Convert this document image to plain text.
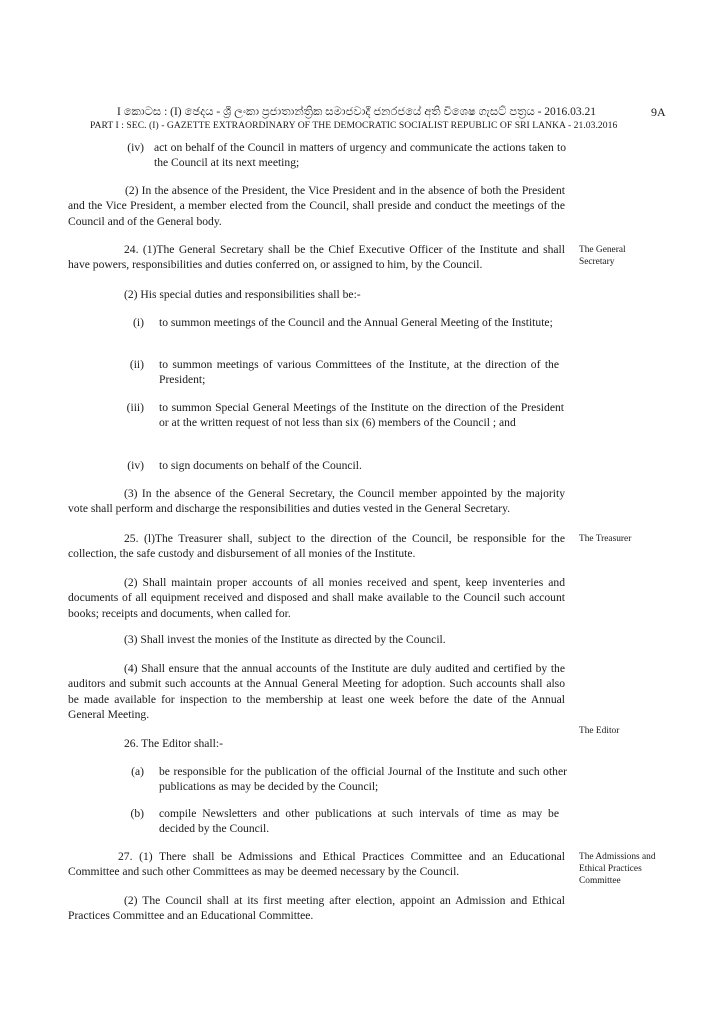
I කොටස : (I) ඡෙදය - ශ්‍රී ලංකා ප්‍රජාතාන්ත්‍රික සමාජවාදී ජනරජයේ අති විශෙෂ ගැසට් පත්‍රය - 2016.03.21	9A
PART I : SEC. (I) - GAZETTE EXTRAORDINARY OF THE DEMOCRATIC SOCIALIST REPUBLIC OF SRI LANKA - 21.03.2016
(iv) act on behalf of the Council in matters of urgency and communicate the actions taken to the Council at its next meeting;
(2) In the absence of the President, the Vice President and in the absence of both the President and the Vice President, a member elected from the Council, shall preside and conduct the meetings of the Council and of the General body.
24. (1)The General Secretary shall be the Chief Executive Officer of the Institute and shall have powers, responsibilities and duties conferred on, or assigned to him, by the Council.
The General Secretary
(2) His special duties and responsibilities shall be:-
(i) to summon meetings of the Council and the Annual General Meeting of the Institute;
(ii) to summon meetings of various Committees of the Institute, at the direction of the President;
(iii) to summon Special General Meetings of the Institute on the direction of the President or at the written request of not less than six (6) members of the Council ; and
(iv) to sign documents on behalf of the Council.
(3) In the absence of the General Secretary, the Council member appointed by the majority vote shall perform and discharge the responsibilities and duties vested in the General Secretary.
25. (l)The Treasurer shall, subject to the direction of the Council, be responsible for the collection, the safe custody and disbursement of all monies of the Institute.
The Treasurer
(2) Shall maintain proper accounts of all monies received and spent, keep inventeries and documents of all equipment received and disposed and shall make available to the Council such account books; receipts and documents, when called for.
(3) Shall invest the monies of the Institute as directed by the Council.
(4) Shall ensure that the annual accounts of the Institute are duly audited and certified by the auditors and submit such accounts at the Annual General Meeting for adoption. Such accounts shall also be made available for inspection to the membership at least one week before the date of the Annual General Meeting.
The Editor
26. The Editor shall:-
(a) be responsible for the publication of the official Journal of the Institute and such other publications as may be decided by the Council;
(b) compile Newsletters and other publications at such intervals of time as may be decided by the Council.
27. (1) There shall be Admissions and Ethical Practices Committee and an Educational Committee and such other Committees as may be deemed necessary by the Council.
The Admissions and Ethical Practices Committee
(2) The Council shall at its first meeting after election, appoint an Admission and Ethical Practices Committee and an Educational Committee.
